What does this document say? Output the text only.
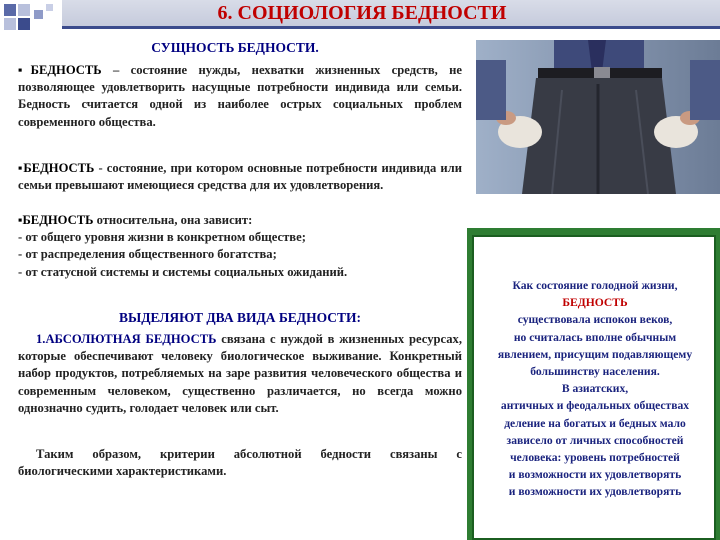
6. СОЦИОЛОГИЯ БЕДНОСТИ
СУЩНОСТЬ БЕДНОСТИ.
▪БЕДНОСТЬ – состояние нужды, нехватки жизненных средств, не позволяющее удовлетворить насущные потребности индивида или семьи. Бедность считается одной из наиболее острых социальных проблем современного общества.
▪БЕДНОСТЬ - состояние, при котором основные потребности индивида или семьи превышают имеющиеся средства для их удовлетворения.
▪БЕДНОСТЬ относительна, она зависит:
- от общего уровня жизни в конкретном обществе;
- от распределения общественного богатства;
- от статусной системы и системы социальных ожиданий.
ВЫДЕЛЯЮТ ДВА ВИДА БЕДНОСТИ:
1.АБСОЛЮТНАЯ БЕДНОСТЬ связана с нуждой в жизненных ресурсах, которые обеспечивают человеку биологическое выживание. Конкретный набор продуктов, потребляемых на заре развития человеческого общества и современным человеком, существенно различается, но всегда можно однозначно судить, голодает человек или сыт.
Таким образом, критерии абсолютной бедности связаны с биологическими характеристиками.
Как состояние голодной жизни,
БЕДНОСТЬ
существовала испокон веков,
но считалась вполне обычным
явлением, присущим подавляющему
большинству населения.
В азиатских,
античных и феодальных обществах
деление на богатых и бедных мало
зависело от личных способностей
человека: уровень потребностей
и возможности их удовлетворять
и возможности их удовлетворять
